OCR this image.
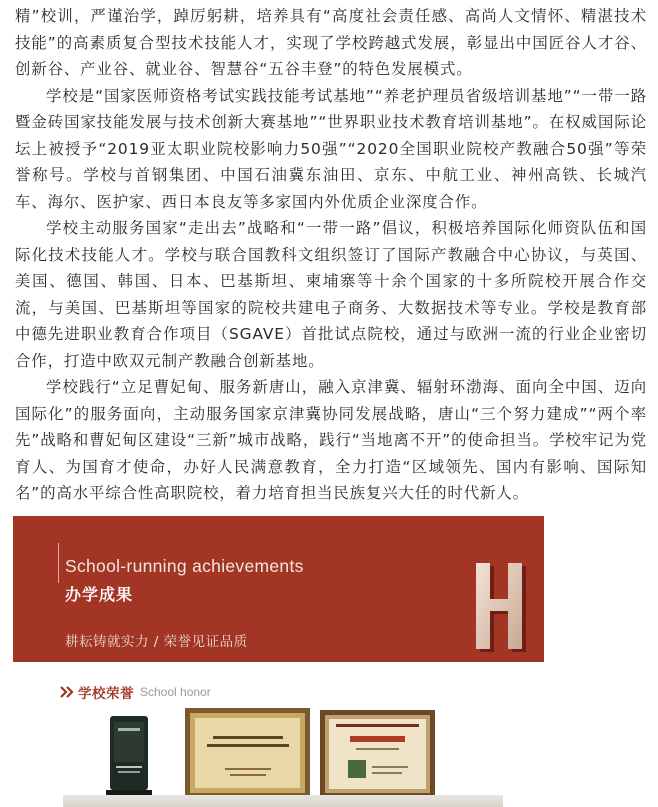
精”校训，严谨治学，踔厉躬耕，培养具有“高度社会责任感、高尚人文情怀、精湛技术技能”的高素质复合型技术技能人才，实现了学校跨越式发展，彰显出中国匠谷人才谷、创新谷、产业谷、就业谷、智慧谷“五谷丰登”的特色发展模式。

学校是“国家医师资格考试实践技能考试基地”“养老护理员省级培训基地”“一带一路暨金砖国家技能发展与技术创新大赛基地”“世界职业技术教育培训基地”。在权威国际论坛上被授予“2019亚太职业院校影响力50强”“2020全国职业院校产教融合50强”等荣誉称号。学校与首钢集团、中国石油冀东油田、京东、中航工业、神州高铁、长城汽车、海尔、医护家、西日本良友等多家国内外优质企业深度合作。

学校主动服务国家“走出去”战略和“一带一路”倡议，积极培养国际化师资队伍和国际化技术技能人才。学校与联合国教科文组织签订了国际产教融合中心协议，与英国、美国、德国、韩国、日本、巴基斯坦、柬埔寨等十余个国家的十多所院校开展合作交流，与美国、巴基斯坦等国家的院校共建电子商务、大数据技术等专业。学校是教育部中德先进职业教育合作项目（SGAVE）首批试点院校，通过与欧洲一流的行业企业密切合作，打造中欧双元制产教融合创新基地。

学校践行“立足曹妃甸、服务新唐山，融入京津冀、辐射环渤海、面向全中国、迈向国际化”的服务面向，主动服务国家京津冀协同发展战略，唐山“三个努力建成”“两个率先”战略和曹妃甸区建设“三新”城市战略，践行“当地离不开”的使命担当。学校牢记为党育人、为国育才使命，办好人民满意教育，全力打造“区域领先、国内有影响、国际知名”的高水平综合性高职院校，着力培育担当民族复兴大任的时代新人。

School-running achievements
办学成果
耕耘铸就实力 / 荣誉见证品质
学校荣誉 School honor
